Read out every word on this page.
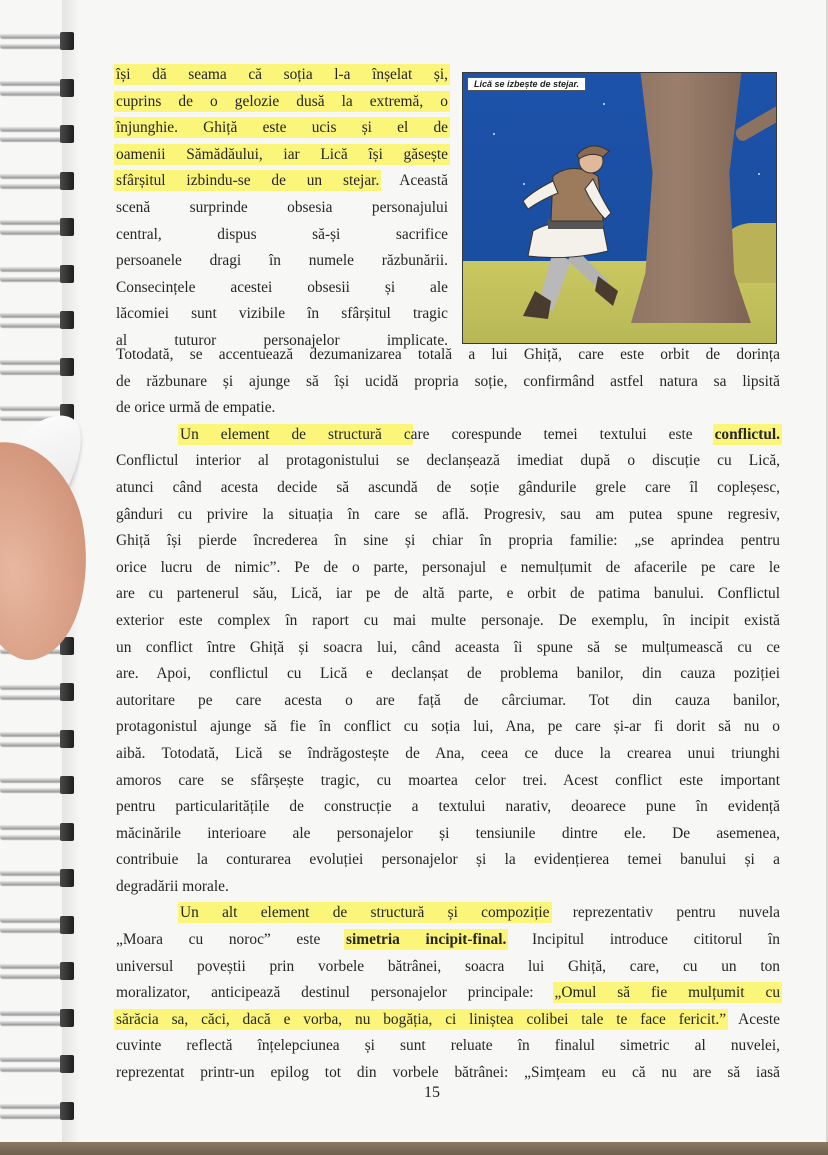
își dă seama că soția l-a înșelat și,
cuprins de o gelozie dusă la extremă, o
înjunghie. Ghiță este ucis și el de
oamenii Sămădăului, iar Lică își găsește
sfârșitul izbindu-se de un stejar. Această
scenă surprinde obsesia personajului
central, dispus să-și sacrifice
persoanele dragi în numele răzbunării.
Consecințele acestei obsesii și ale
lăcomiei sunt vizibile în sfârșitul tragic
al tuturor personajelor implicate.
Lică se izbește de stejar.
Totodată, se accentuează dezumanizarea totală a lui Ghiță, care este orbit de dorința
de răzbunare și ajunge să își ucidă propria soție, confirmând astfel natura sa lipsită
de orice urmă de empatie.
Un element de structură care corespunde temei textului este conflictul.
Conflictul interior al protagonistului se declanșează imediat după o discuție cu Lică,
atunci când acesta decide să ascundă de soție gândurile grele care îl copleșesc,
gânduri cu privire la situația în care se află. Progresiv, sau am putea spune regresiv,
Ghiță își pierde încrederea în sine și chiar în propria familie: „se aprindea pentru
orice lucru de nimic”. Pe de o parte, personajul e nemulțumit de afacerile pe care le
are cu partenerul său, Lică, iar pe de altă parte, e orbit de patima banului. Conflictul
exterior este complex în raport cu mai multe personaje. De exemplu, în incipit există
un conflict între Ghiță și soacra lui, când aceasta îi spune să se mulțumească cu ce
are. Apoi, conflictul cu Lică e declanșat de problema banilor, din cauza poziției
autoritare pe care acesta o are față de cârciumar. Tot din cauza banilor,
protagonistul ajunge să fie în conflict cu soția lui, Ana, pe care și-ar fi dorit să nu o
aibă. Totodată, Lică se îndrăgostește de Ana, ceea ce duce la crearea unui triunghi
amoros care se sfârșește tragic, cu moartea celor trei. Acest conflict este important
pentru particularitățile de construcție a textului narativ, deoarece pune în evidență
măcinările interioare ale personajelor și tensiunile dintre ele. De asemenea,
contribuie la conturarea evoluției personajelor și la evidențierea temei banului și a
degradării morale.
Un alt element de structură și compoziție reprezentativ pentru nuvela
„Moara cu noroc” este simetria incipit-final. Incipitul introduce cititorul în
universul poveștii prin vorbele bătrânei, soacra lui Ghiță, care, cu un ton
moralizator, anticipează destinul personajelor principale: „Omul să fie mulțumit cu
sărăcia sa, căci, dacă e vorba, nu bogăția, ci liniștea colibei tale te face fericit.” Aceste
cuvinte reflectă înțelepciunea și sunt reluate în finalul simetric al nuvelei,
reprezentat printr-un epilog tot din vorbele bătrânei: „Simțeam eu că nu are să iasă
15
